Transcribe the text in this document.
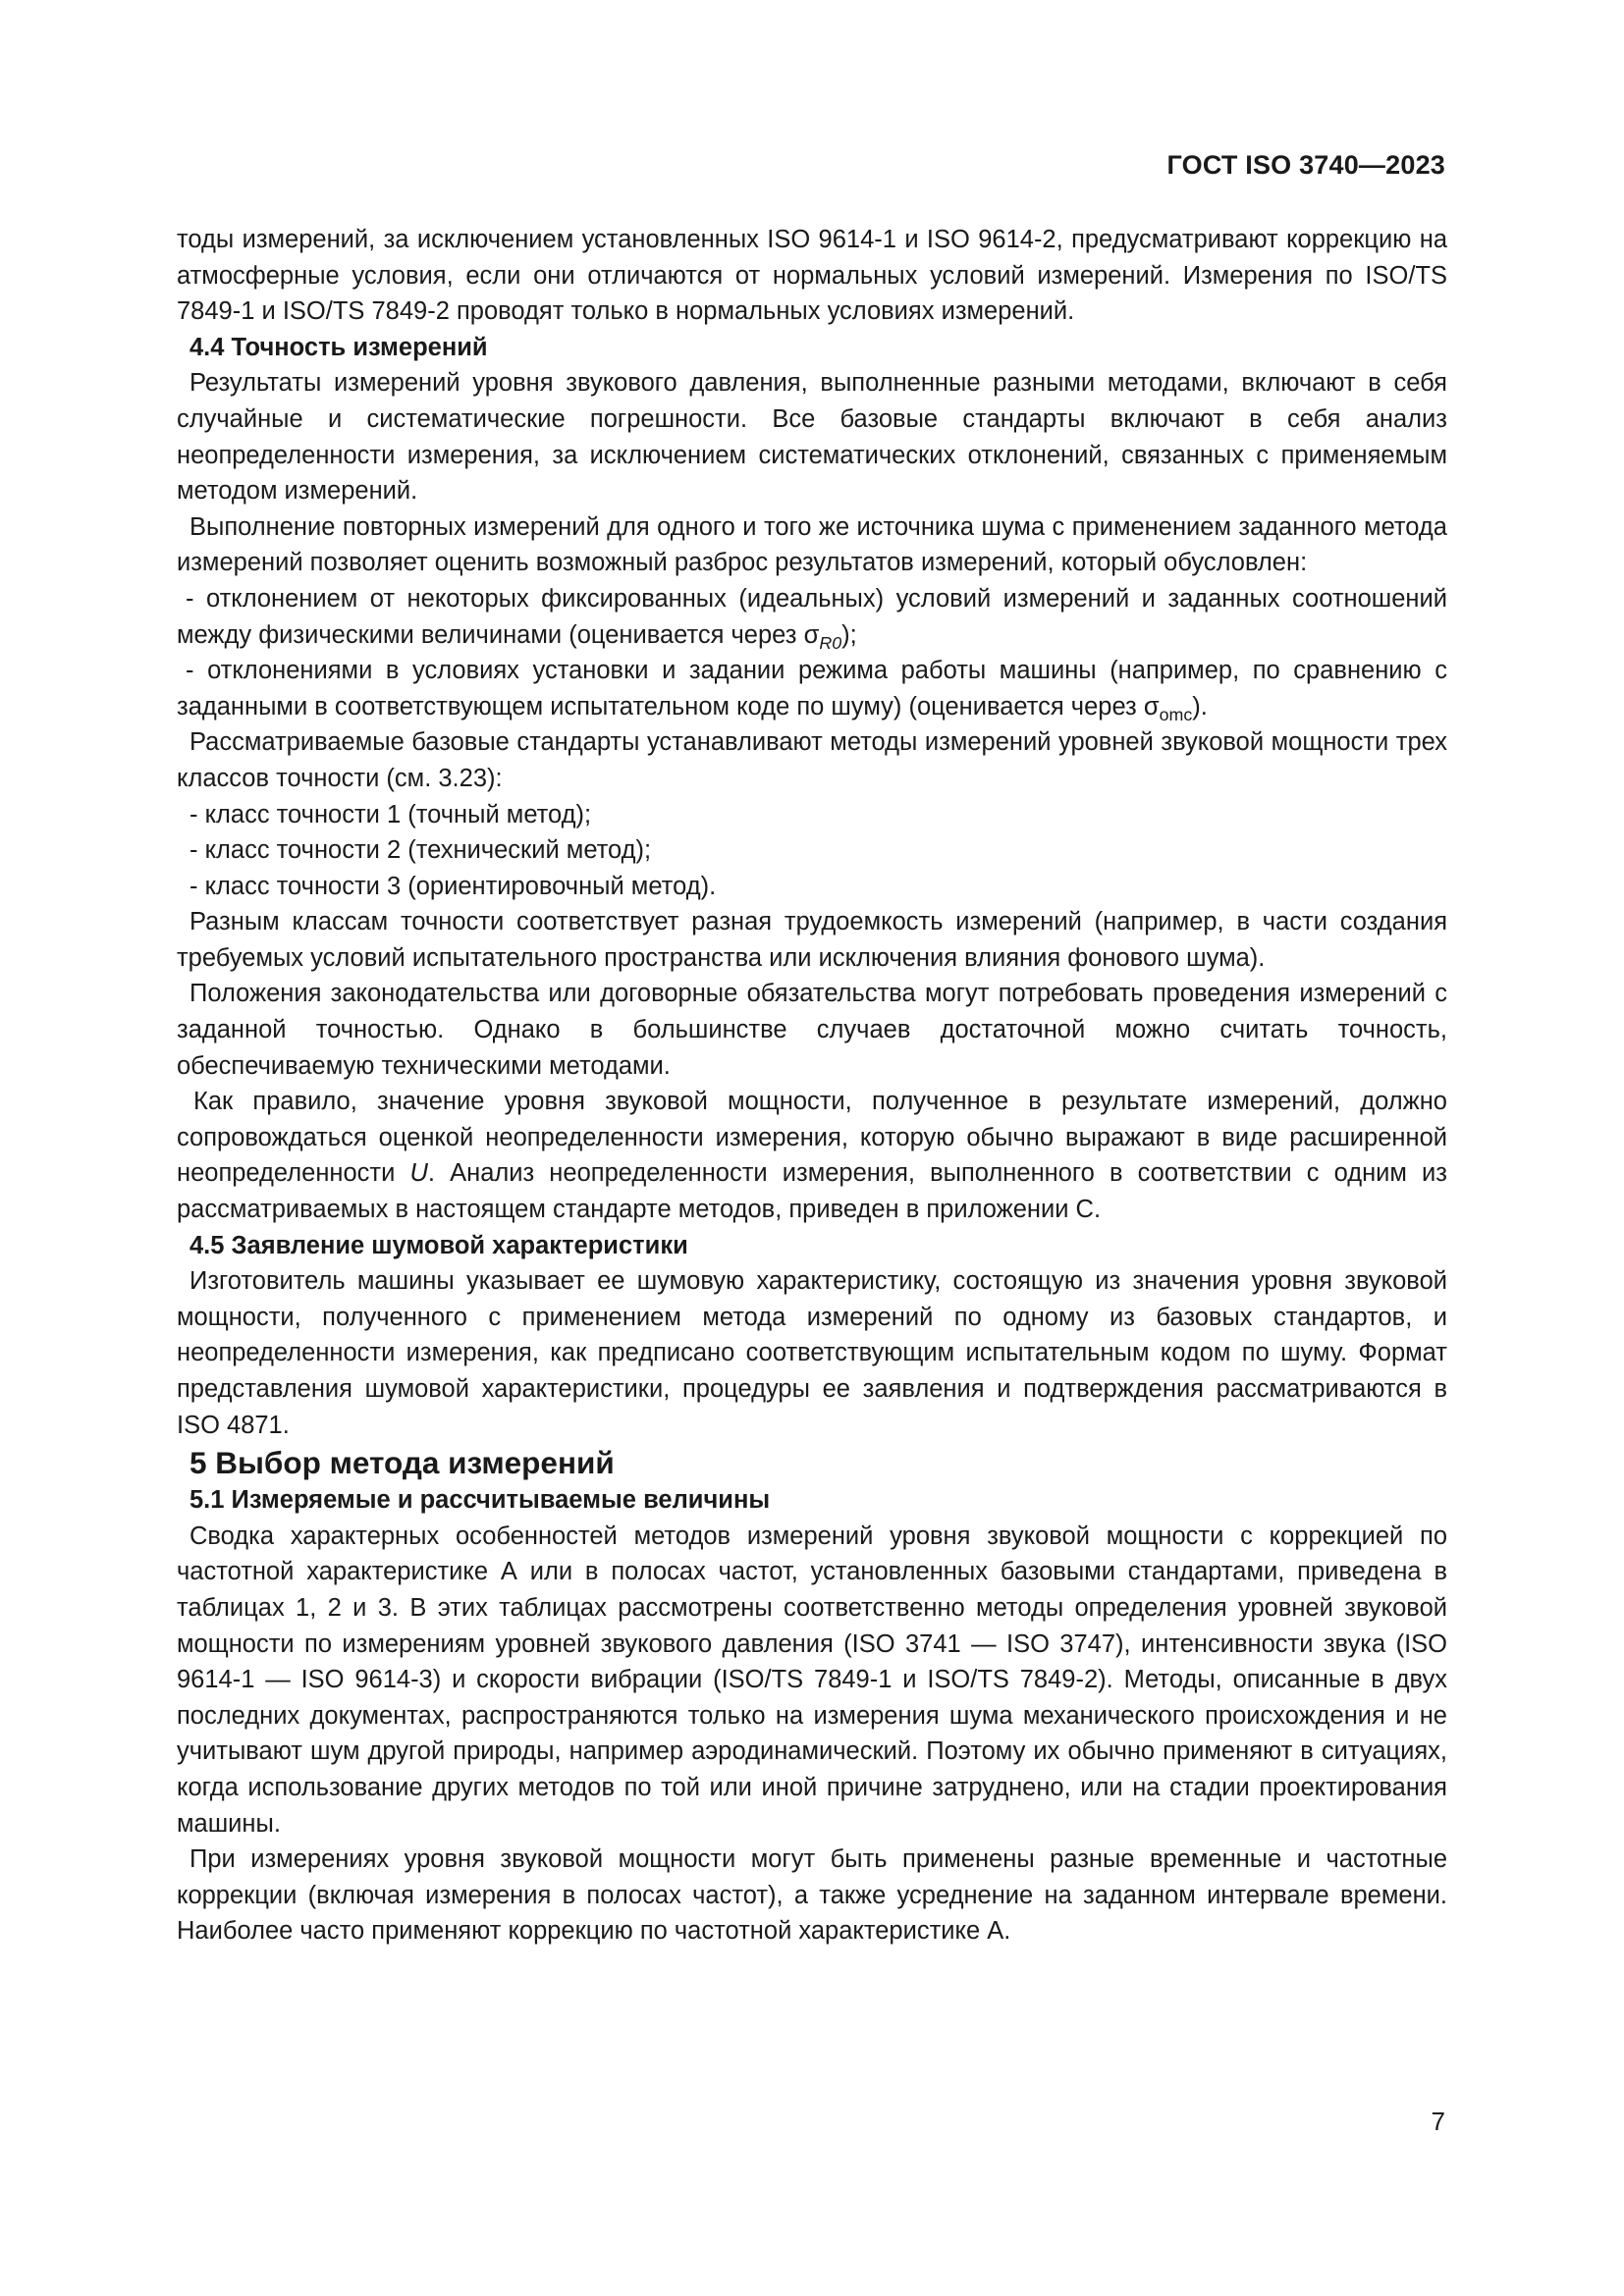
ГОСТ ISO 3740—2023

тоды измерений, за исключением установленных ISO 9614-1 и ISO 9614-2, предусматривают коррекцию на атмосферные условия, если они отличаются от нормальных условий измерений. Измерения по ISO/TS 7849-1 и ISO/TS 7849-2 проводят только в нормальных условиях измерений.

4.4 Точность измерений

Результаты измерений уровня звукового давления, выполненные разными методами, включают в себя случайные и систематические погрешности. Все базовые стандарты включают в себя анализ неопределенности измерения, за исключением систематических отклонений, связанных с применяемым методом измерений.

Выполнение повторных измерений для одного и того же источника шума с применением заданного метода измерений позволяет оценить возможный разброс результатов измерений, который обусловлен:

- отклонением от некоторых фиксированных (идеальных) условий измерений и заданных соотношений между физическими величинами (оценивается через $\sigma_{R0}$);

- отклонениями в условиях установки и задании режима работы машины (например, по сравнению с заданными в соответствующем испытательном коде по шуму) (оценивается через $\sigma_{omc}$).

Рассматриваемые базовые стандарты устанавливают методы измерений уровней звуковой мощности трех классов точности (см. 3.23):

- класс точности 1 (точный метод);

- класс точности 2 (технический метод);

- класс точности 3 (ориентировочный метод).

Разным классам точности соответствует разная трудоемкость измерений (например, в части создания требуемых условий испытательного пространства или исключения влияния фонового шума).

Положения законодательства или договорные обязательства могут потребовать проведения измерений с заданной точностью. Однако в большинстве случаев достаточной можно считать точность, обеспечиваемую техническими методами.

Как правило, значение уровня звуковой мощности, полученное в результате измерений, должно сопровождаться оценкой неопределенности измерения, которую обычно выражают в виде расширенной неопределенности U. Анализ неопределенности измерения, выполненного в соответствии с одним из рассматриваемых в настоящем стандарте методов, приведен в приложении С.

4.5 Заявление шумовой характеристики

Изготовитель машины указывает ее шумовую характеристику, состоящую из значения уровня звуковой мощности, полученного с применением метода измерений по одному из базовых стандартов, и неопределенности измерения, как предписано соответствующим испытательным кодом по шуму. Формат представления шумовой характеристики, процедуры ее заявления и подтверждения рассматриваются в ISO 4871.

5 Выбор метода измерений

5.1 Измеряемые и рассчитываемые величины

Сводка характерных особенностей методов измерений уровня звуковой мощности с коррекцией по частотной характеристике А или в полосах частот, установленных базовыми стандартами, приведена в таблицах 1, 2 и 3. В этих таблицах рассмотрены соответственно методы определения уровней звуковой мощности по измерениям уровней звукового давления (ISO 3741 — ISO 3747), интенсивности звука (ISO 9614-1 — ISO 9614-3) и скорости вибрации (ISO/TS 7849-1 и ISO/TS 7849-2). Методы, описанные в двух последних документах, распространяются только на измерения шума механического происхождения и не учитывают шум другой природы, например аэродинамический. Поэтому их обычно применяют в ситуациях, когда использование других методов по той или иной причине затруднено, или на стадии проектирования машины.

При измерениях уровня звуковой мощности могут быть применены разные временные и частотные коррекции (включая измерения в полосах частот), а также усреднение на заданном интервале времени. Наиболее часто применяют коррекцию по частотной характеристике А.

7
